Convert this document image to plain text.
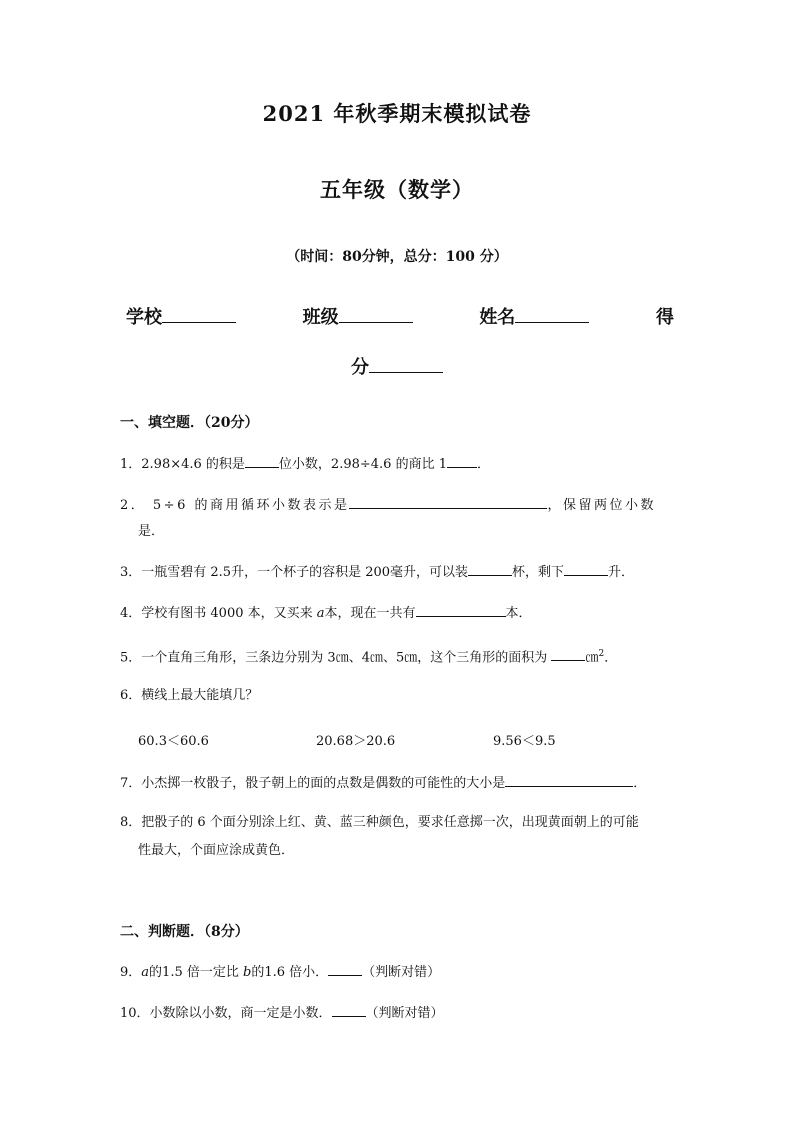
2021 年秋季期末模拟试卷
五年级（数学）
（时间：80分钟，总分：100 分）
学校	班级	姓名	得
分
一、填空题．（20分）
1．2.98×4.6 的积是	位小数，2.98÷4.6 的商比 1 ．
2． 5÷6 的商用循环小数表示是	，保留两位小数
是．
3．一瓶雪碧有 2.5升，一个杯子的容积是 200毫升，可以装	杯，剩下	升．
4．学校有图书 4000 本，又买来 a本，现在一共有	本．
5．一个直角三角形，三条边分别为 3㎝、4㎝、5㎝，这个三角形的面积为	㎝$^2$．
6．横线上最大能填几？
60.3＜60.6	20.68＞20.6	9.56＜9.5
7．小杰掷一枚骰子，骰子朝上的面的点数是偶数的可能性的大小是	．
8．把骰子的 6 个面分别涂上红、黄、蓝三种颜色，要求任意掷一次，出现黄面朝上的可能
性最大，个面应涂成黄色．
二、判断题．（8分）
9．a的1.5 倍一定比 b的1.6 倍小．	（判断对错）
10．小数除以小数，商一定是小数．	（判断对错）
